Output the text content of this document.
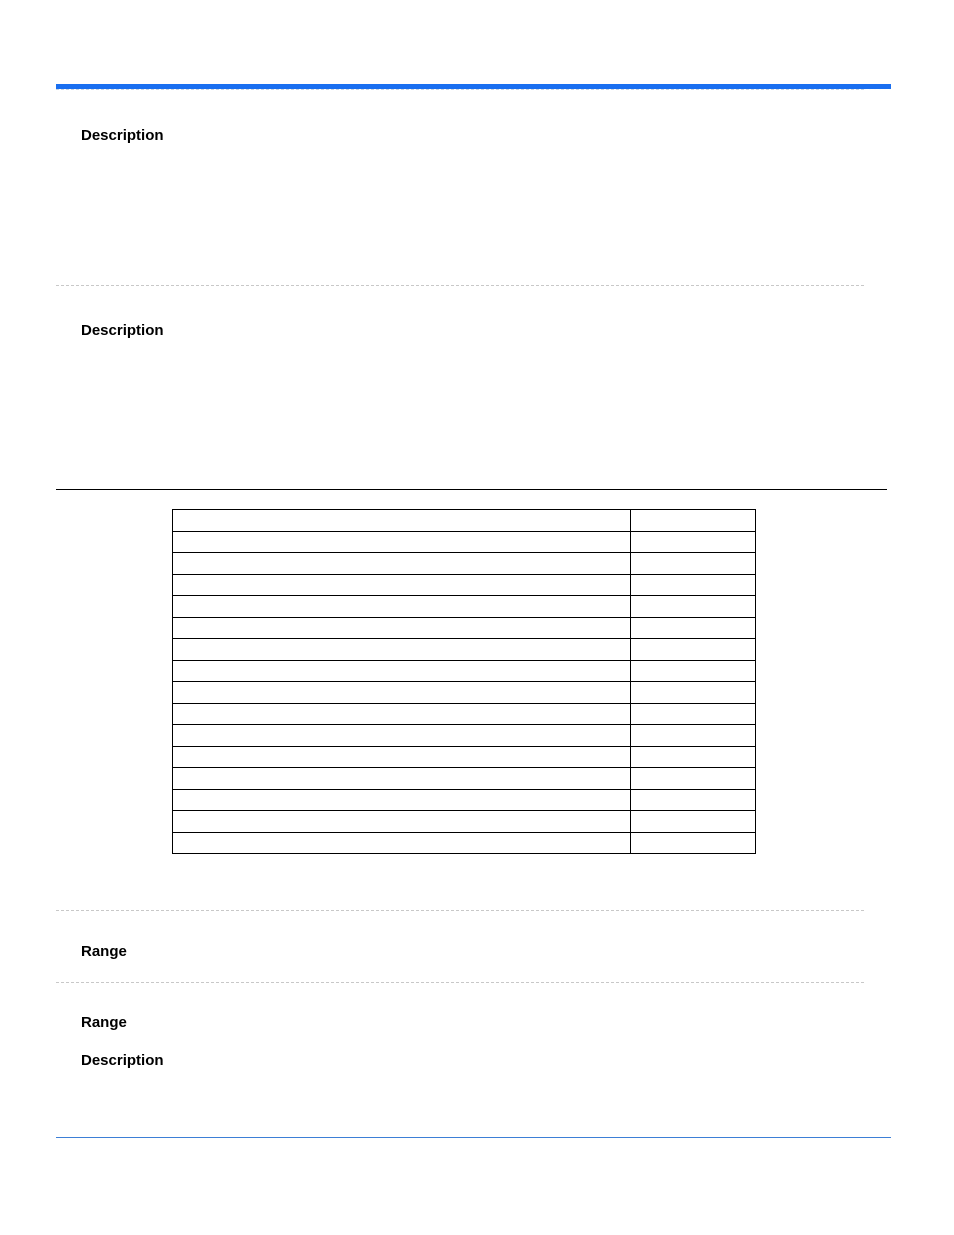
Description

Description

Range

Range

Description
